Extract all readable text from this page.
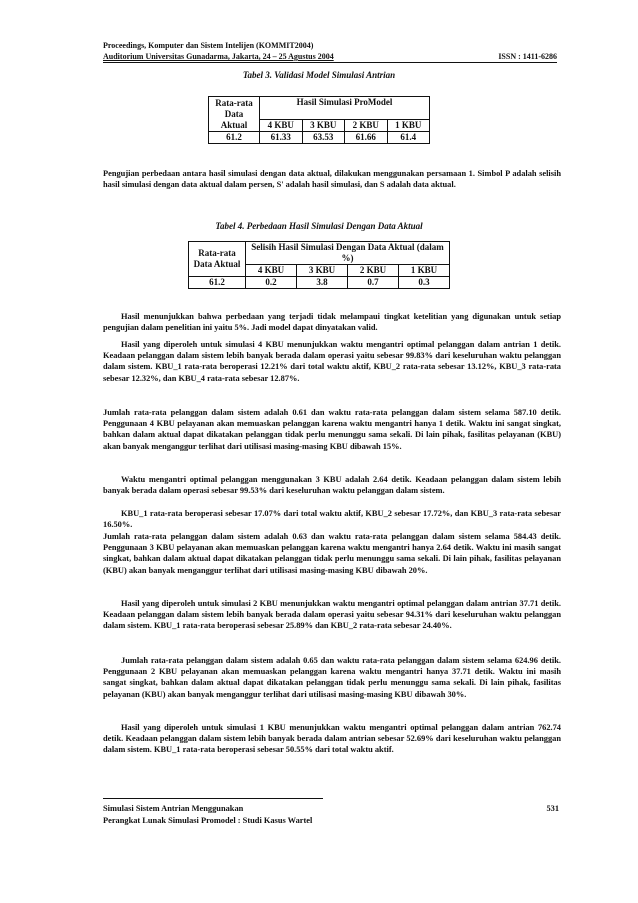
Proceedings, Komputer dan Sistem Intelijen (KOMMIT2004)
Auditorium Universitas Gunadarma, Jakarta, 24 – 25 Agustus 2004	ISSN : 1411-6286
Tabel 3. Validasi Model Simulasi Antrian
Rata-rata Data Aktual	Hasil Simulasi ProModel			
	4 KBU	3 KBU	2 KBU	1 KBU
61.2	61.33	63.53	61.66	61.4
Pengujian perbedaan antara hasil simulasi dengan data aktual, dilakukan menggunakan persamaan 1. Simbol P adalah selisih hasil simulasi dengan data aktual dalam persen, S' adalah hasil simulasi, dan S adalah data aktual.
Tabel 4. Perbedaan Hasil Simulasi Dengan Data Aktual
Rata-rata Data Aktual	Selisih Hasil Simulasi Dengan Data Aktual (dalam %)			
	4 KBU	3 KBU	2 KBU	1 KBU
61.2	0.2	3.8	0.7	0.3
Hasil menunjukkan bahwa perbedaan yang terjadi tidak melampaui tingkat ketelitian yang digunakan untuk setiap pengujian dalam penelitian ini yaitu 5%. Jadi model dapat dinyatakan valid.
Hasil yang diperoleh untuk simulasi 4 KBU menunjukkan waktu mengantri optimal pelanggan dalam antrian 1 detik. Keadaan pelanggan dalam sistem lebih banyak berada dalam operasi yaitu sebesar 99.83% dari keseluruhan waktu pelanggan dalam sistem. KBU_1 rata-rata beroperasi 12.21% dari total waktu aktif, KBU_2 rata-rata sebesar 13.12%, KBU_3 rata-rata sebesar 12.32%, dan KBU_4 rata-rata sebesar 12.87%.
Jumlah rata-rata pelanggan dalam sistem adalah 0.61 dan waktu rata-rata pelanggan dalam sistem selama 587.10 detik. Penggunaan 4 KBU pelayanan akan memuaskan pelanggan karena waktu mengantri hanya 1 detik. Waktu ini sangat singkat, bahkan dalam aktual dapat dikatakan pelanggan tidak perlu menunggu sama sekali. Di lain pihak, fasilitas pelayanan (KBU) akan banyak menganggur terlihat dari utilisasi masing-masing KBU dibawah 15%.
Waktu mengantri optimal pelanggan menggunakan 3 KBU adalah 2.64 detik. Keadaan pelanggan dalam sistem lebih banyak berada dalam operasi sebesar 99.53% dari keseluruhan waktu pelanggan dalam sistem.
KBU_1 rata-rata beroperasi sebesar 17.07% dari total waktu aktif, KBU_2 sebesar 17.72%, dan KBU_3 rata-rata sebesar 16.50%.
Jumlah rata-rata pelanggan dalam sistem adalah 0.63 dan waktu rata-rata pelanggan dalam sistem selama 584.43 detik. Penggunaan 3 KBU pelayanan akan memuaskan pelanggan karena waktu mengantri hanya 2.64 detik. Waktu ini masih sangat singkat, bahkan dalam aktual dapat dikatakan pelanggan tidak perlu menunggu sama sekali. Di lain pihak, fasilitas pelayanan (KBU) akan banyak menganggur terlihat dari utilisasi masing-masing KBU dibawah 20%.
Hasil yang diperoleh untuk simulasi 2 KBU menunjukkan waktu mengantri optimal pelanggan dalam antrian 37.71 detik. Keadaan pelanggan dalam sistem lebih banyak berada dalam operasi yaitu sebesar 94.31% dari keseluruhan waktu pelanggan dalam sistem. KBU_1 rata-rata beroperasi sebesar 25.89% dan KBU_2 rata-rata sebesar 24.40%.
Jumlah rata-rata pelanggan dalam sistem adalah 0.65 dan waktu rata-rata pelanggan dalam sistem selama 624.96 detik. Penggunaan 2 KBU pelayanan akan memuaskan pelanggan karena waktu mengantri hanya 37.71 detik. Waktu ini masih sangat singkat, bahkan dalam aktual dapat dikatakan pelanggan tidak perlu menunggu sama sekali. Di lain pihak, fasilitas pelayanan (KBU) akan banyak menganggur terlihat dari utilisasi masing-masing KBU dibawah 30%.
Hasil yang diperoleh untuk simulasi 1 KBU menunjukkan waktu mengantri optimal pelanggan dalam antrian 762.74 detik. Keadaan pelanggan dalam sistem lebih banyak berada dalam antrian sebesar 52.69% dari keseluruhan waktu pelanggan dalam sistem. KBU_1 rata-rata beroperasi sebesar 50.55% dari total waktu aktif.
Simulasi Sistem Antrian Menggunakan	531
Perangkat Lunak Simulasi Promodel : Studi Kasus Wartel
